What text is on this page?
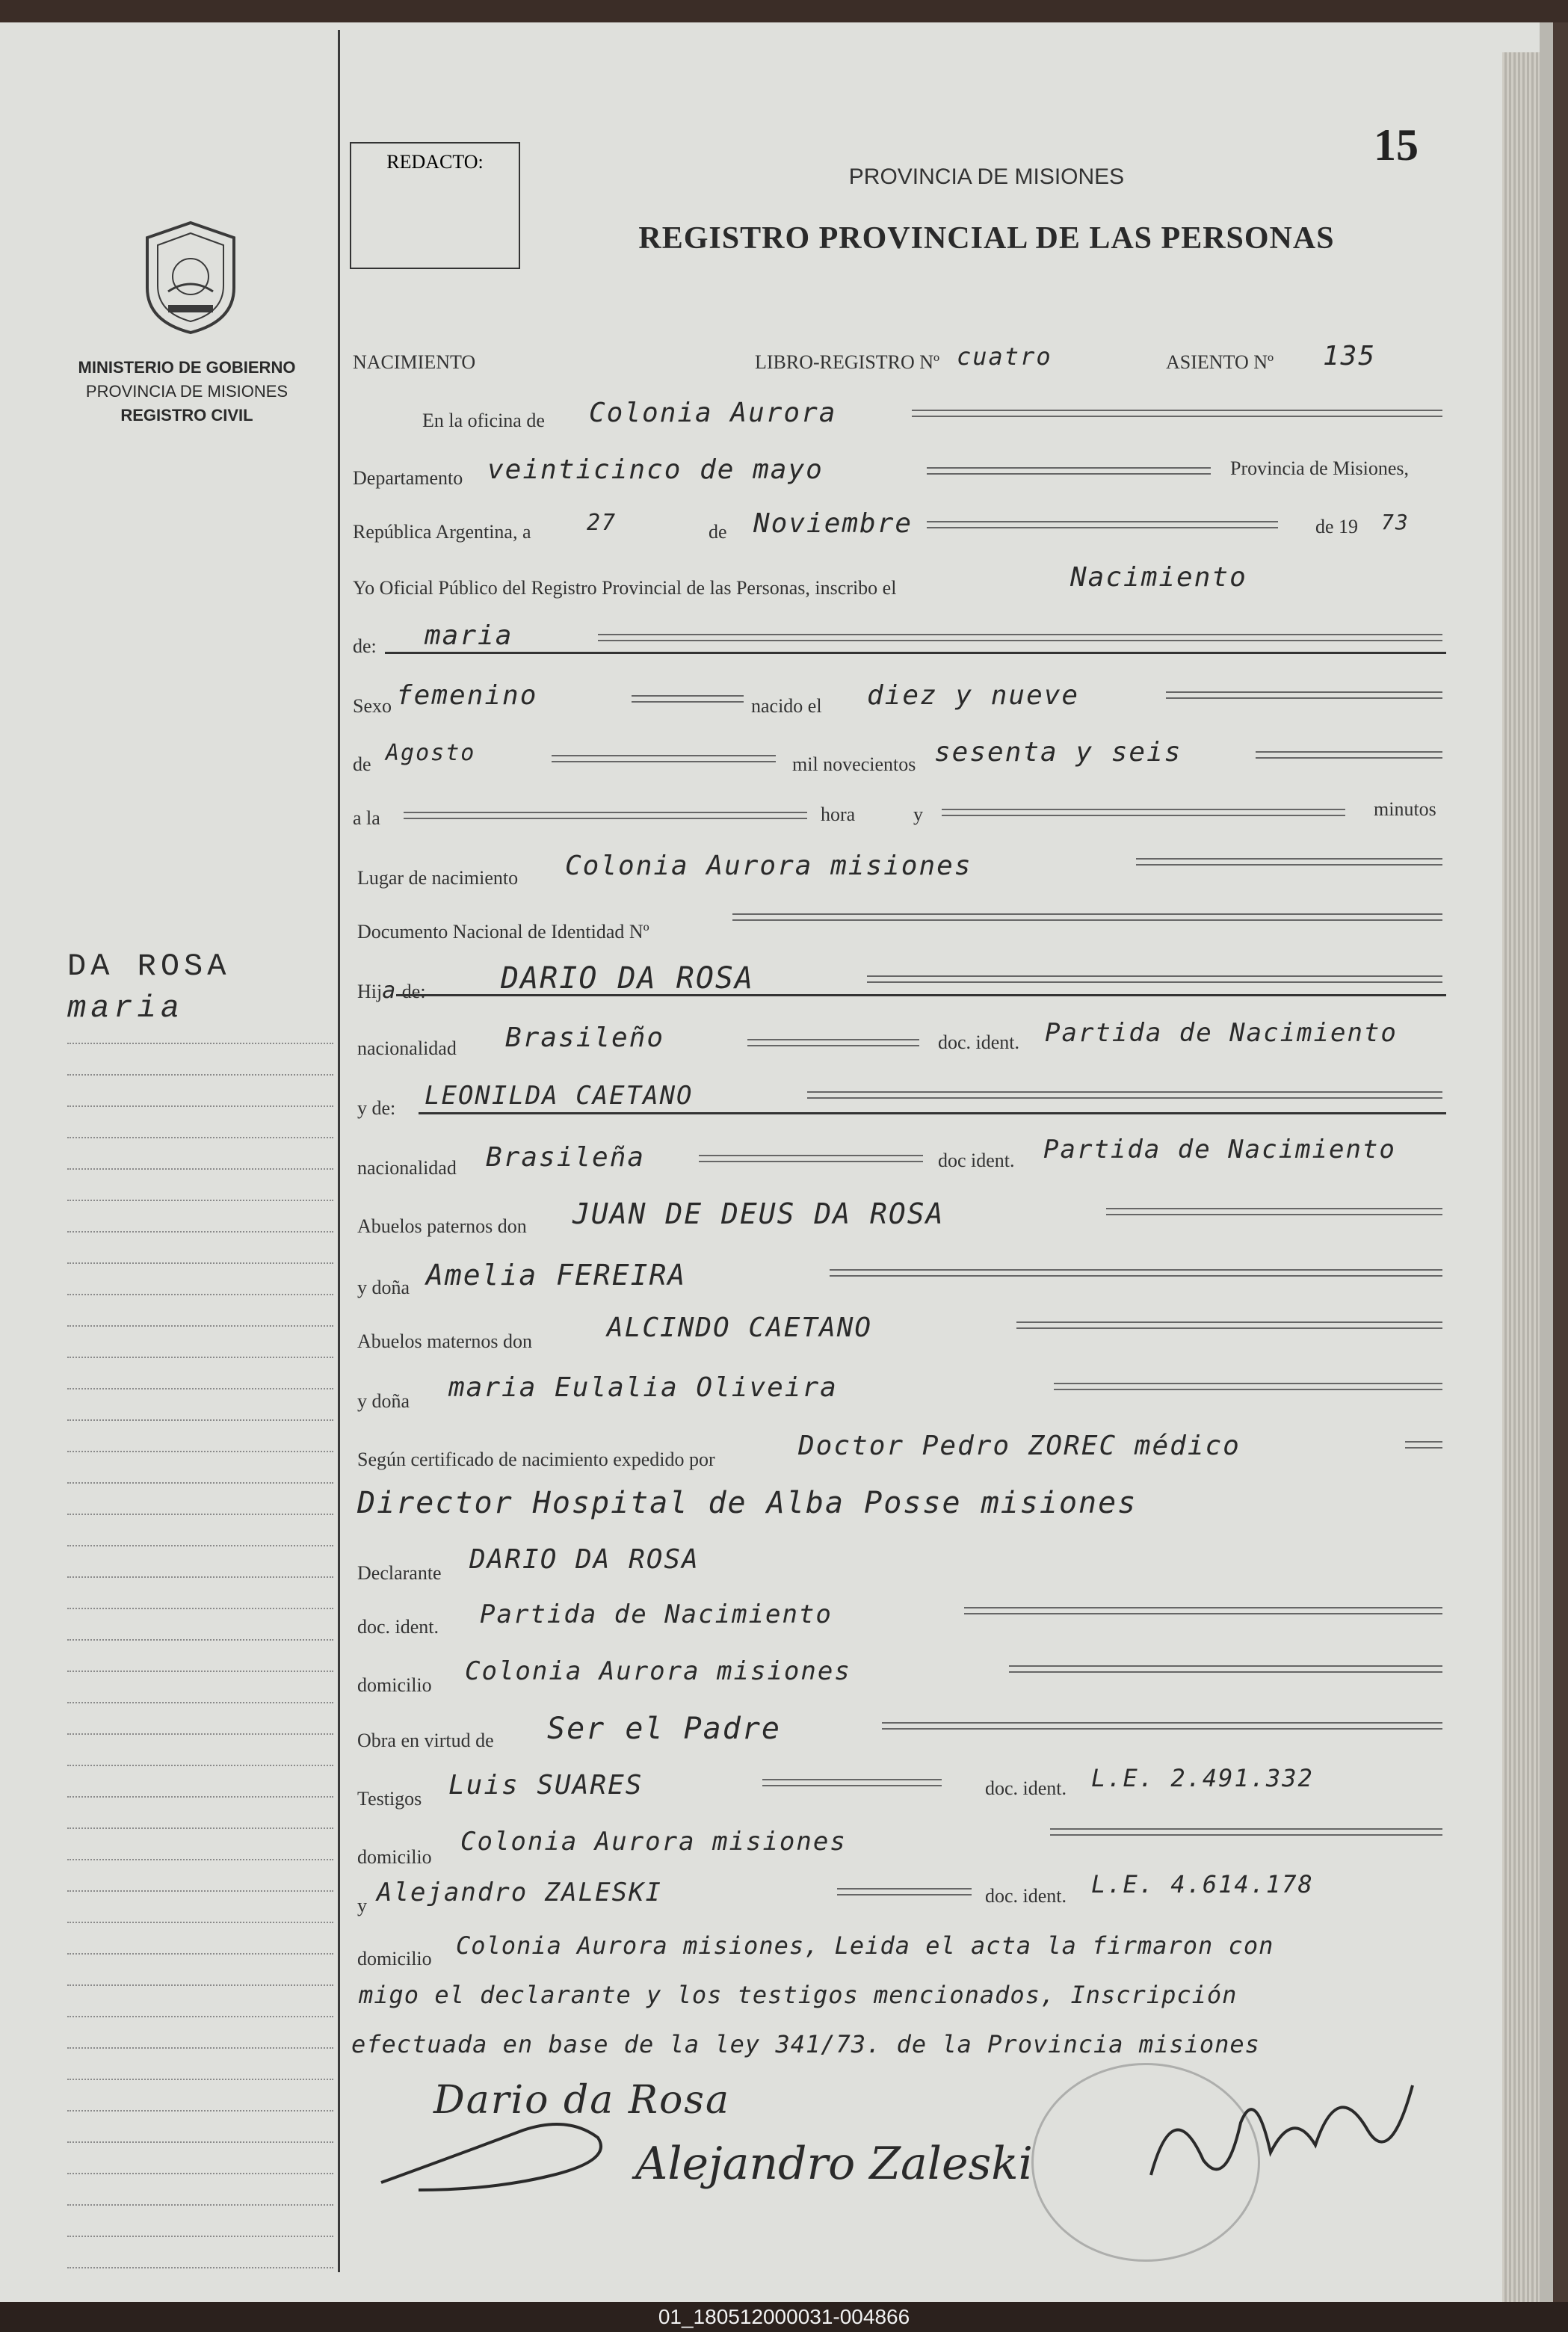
REDACTO:	15
PROVINCIA DE MISIONES
REGISTRO PROVINCIAL DE LAS PERSONAS
MINISTERIO DE GOBIERNO
PROVINCIA DE MISIONES
REGISTRO CIVIL
DA ROSA
maria
NACIMIENTO	LIBRO-REGISTRO Nº cuatro	ASIENTO Nº 135
En la oficina de Colonia Aurora
Departamento veinticinco de mayo	Provincia de Misiones,
República Argentina, a 27	de Noviembre	de 19 73
Yo Oficial Público del Registro Provincial de las Personas, inscribo el	Nacimiento
de: maria
Sexo femenino	nacido el diez y nueve
de Agosto	mil novecientos sesenta y seis
a la	hora	y	minutos
Lugar de nacimiento Colonia Aurora misiones
Documento Nacional de Identidad Nº
Hija de:	DARIO DA ROSA
nacionalidad Brasileño	doc. ident. Partida de Nacimiento
y de: LEONILDA CAETANO
nacionalidad Brasileña	doc ident. Partida de Nacimiento
Abuelos paternos don JUAN DE DEUS DA ROSA
y doña Amelia FEREIRA
Abuelos maternos don	ALCINDO CAETANO
y doña maria Eulalia Oliveira
Según certificado de nacimiento expedido por	Doctor Pedro ZOREC médico
Director Hospital de Alba Posse misiones
Declarante DARIO DA ROSA
doc. ident. Partida de Nacimiento
domicilio Colonia Aurora misiones
Obra en virtud de Ser el Padre
Testigos Luis SUARES	doc. ident. L.E. 2.491.332
domicilio
Colonia Aurora misiones
y Alejandro ZALESKI	doc. ident. L.E. 4.614.178
domicilio Colonia Aurora misiones, Leida el acta la firmaron con
migo el declarante y los testigos mencionados, Inscripción
efectuada en base de la ley 341/73. de la Provincia misiones
Dario da Rosa
Alejandro Zaleski
01_180512000031-004866
